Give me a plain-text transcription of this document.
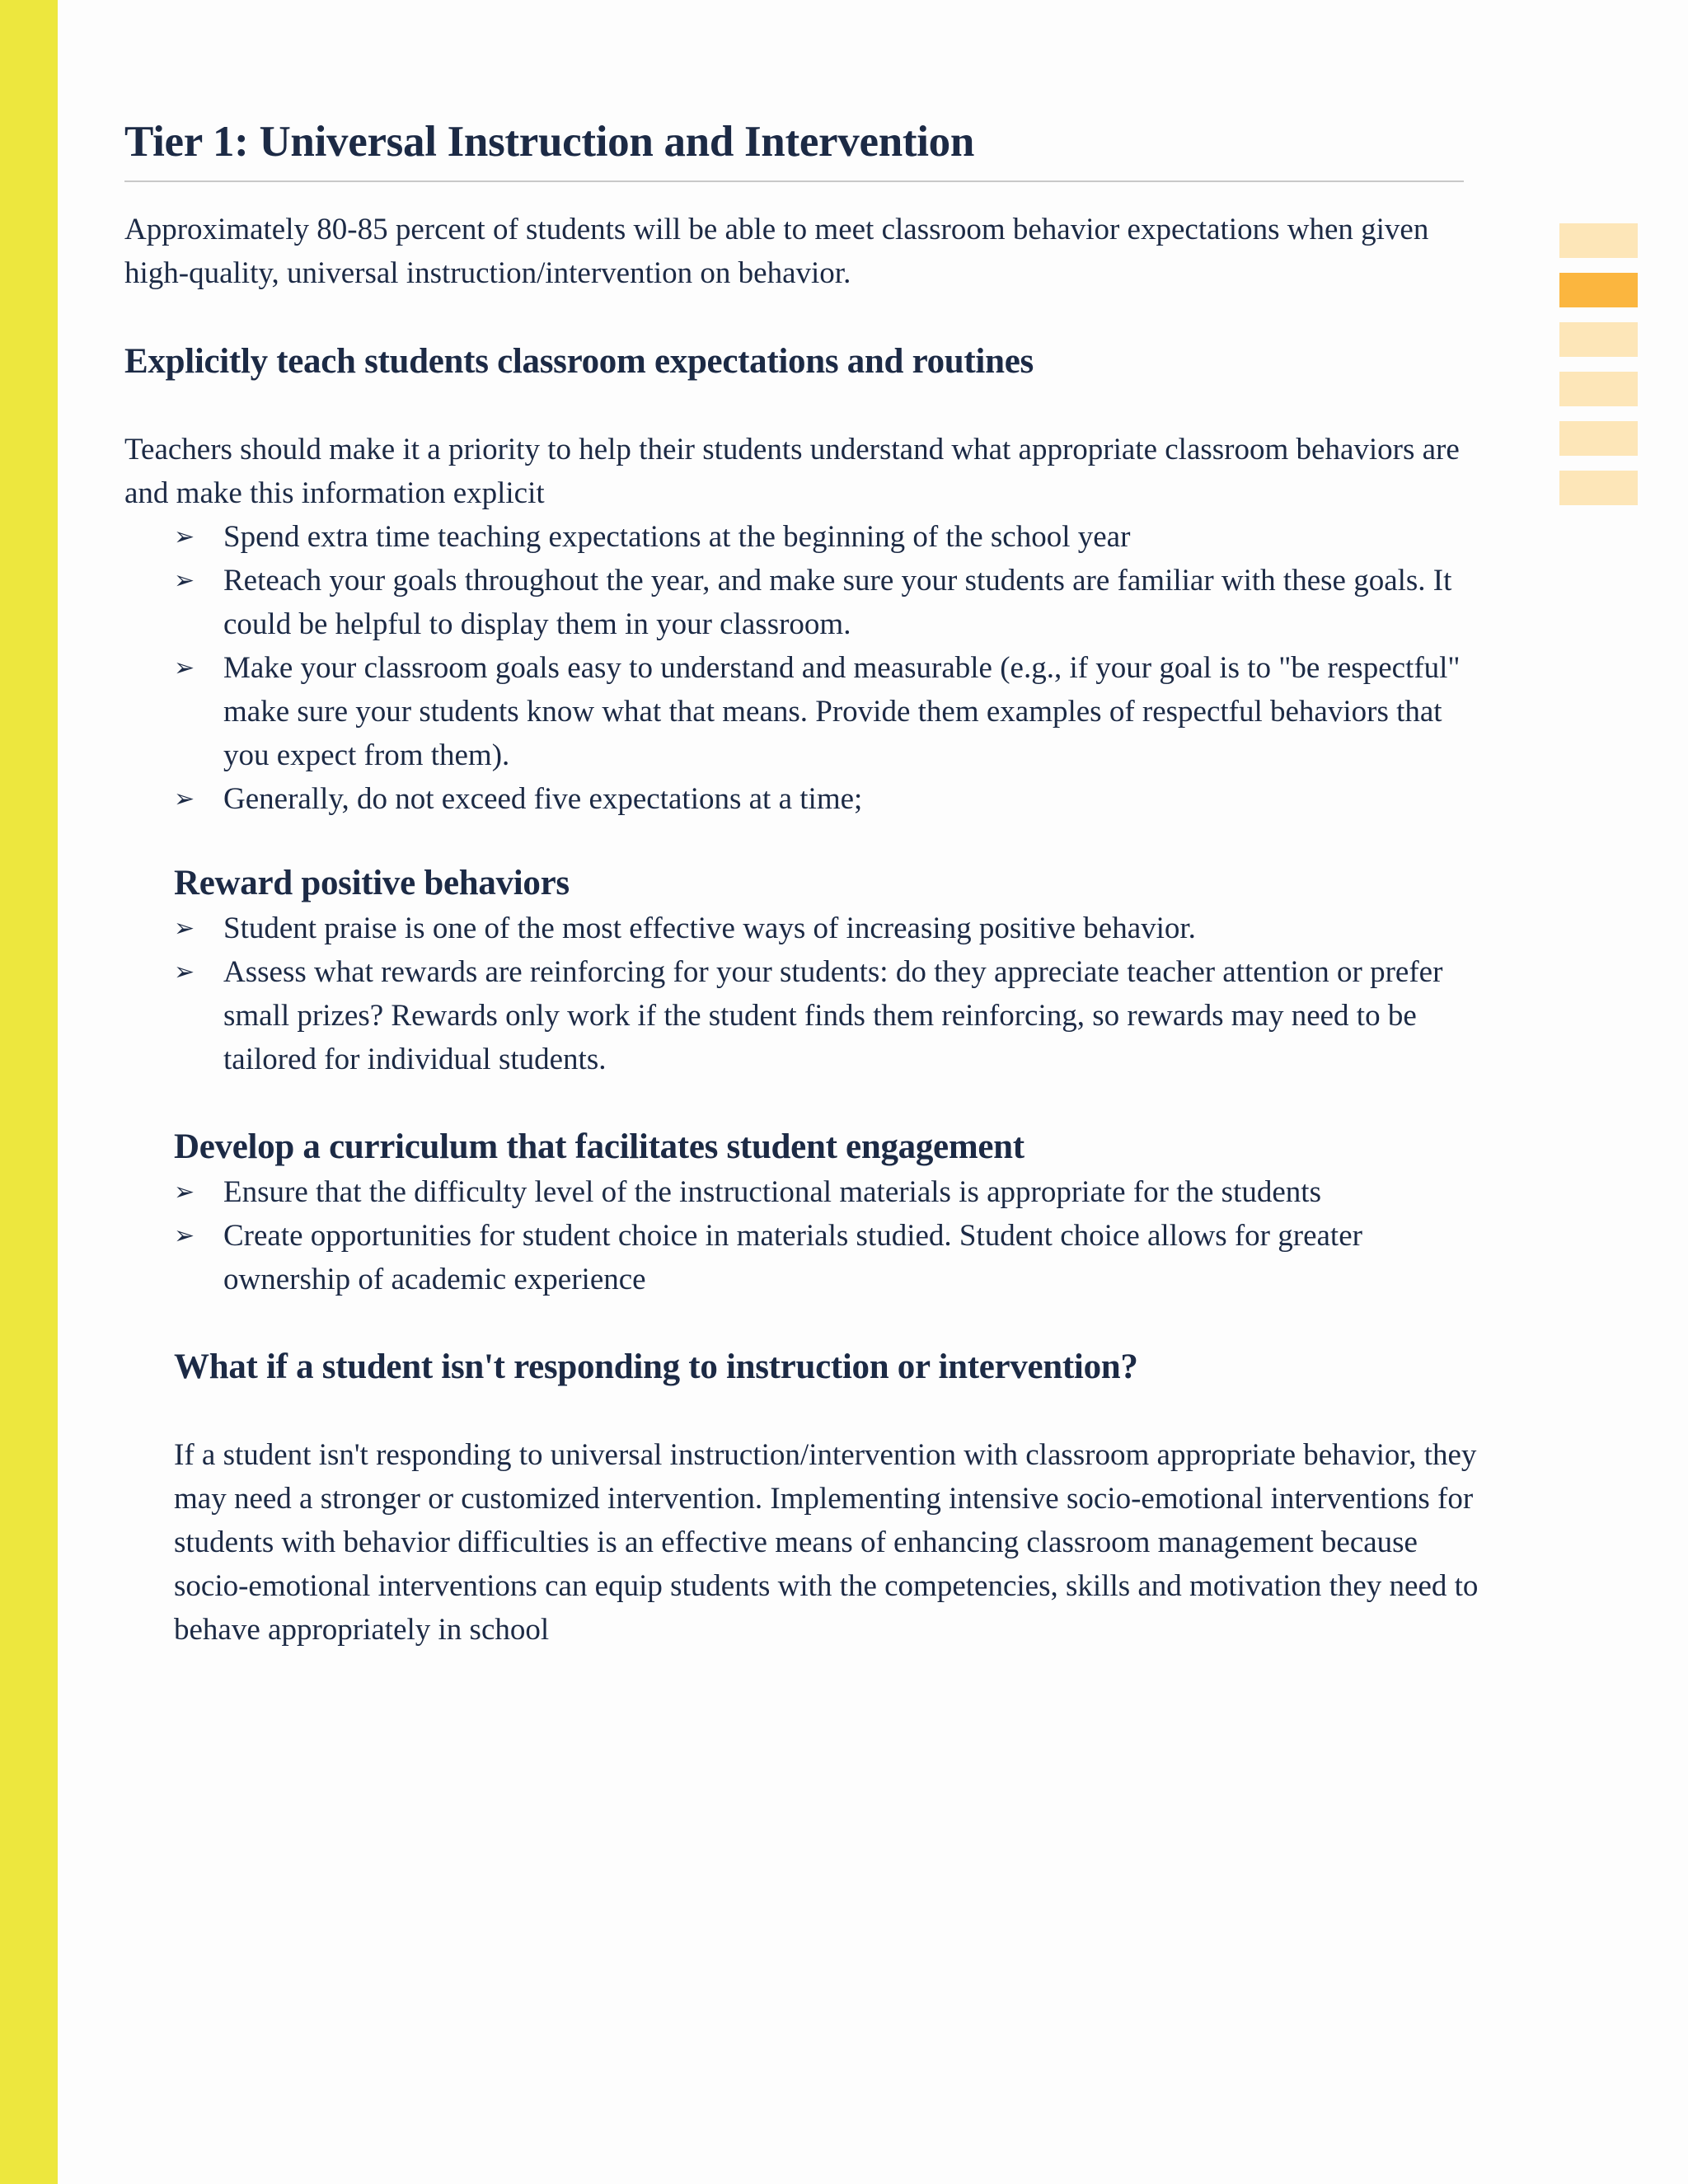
Tier 1: Universal Instruction and Intervention

Approximately 80-85 percent of students will be able to meet classroom behavior expectations when given high-quality, universal instruction/intervention on behavior.

Explicitly teach students classroom expectations and routines

Teachers should make it a priority to help their students understand what appropriate classroom behaviors are and make this information explicit

➢ Spend extra time teaching expectations at the beginning of the school year
➢ Reteach your goals throughout the year, and make sure your students are familiar with these goals. It could be helpful to display them in your classroom.
➢ Make your classroom goals easy to understand and measurable (e.g., if your goal is to "be respectful" make sure your students know what that means. Provide them examples of respectful behaviors that you expect from them).
➢ Generally, do not exceed five expectations at a time;
Reward positive behaviors
➢ Student praise is one of the most effective ways of increasing positive behavior.
➢ Assess what rewards are reinforcing for your students: do they appreciate teacher attention or prefer small prizes? Rewards only work if the student finds them reinforcing, so rewards may need to be tailored for individual students.
Develop a curriculum that facilitates student engagement
➢ Ensure that the difficulty level of the instructional materials is appropriate for the students
➢ Create opportunities for student choice in materials studied. Student choice allows for greater ownership of academic experience
What if a student isn't responding to instruction or intervention?

If a student isn't responding to universal instruction/intervention with classroom appropriate behavior, they may need a stronger or customized intervention. Implementing intensive socio-emotional interventions for students with behavior difficulties is an effective means of enhancing classroom management because socio-emotional interventions can equip students with the competencies, skills and motivation they need to behave appropriately in school
